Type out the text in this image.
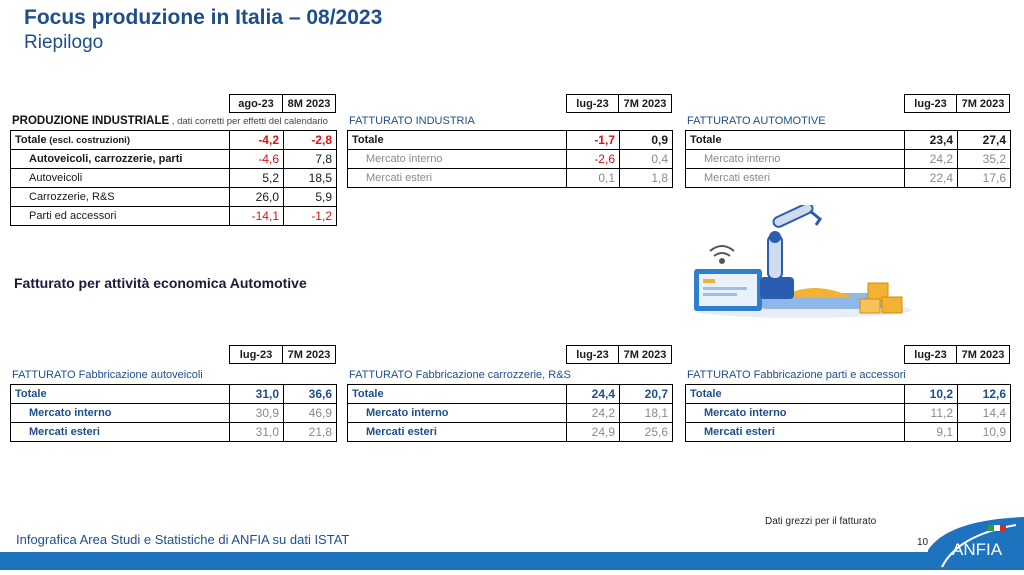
Focus produzione in Italia – 08/2023
Riepilogo
ago-23	8M 2023
PRODUZIONE INDUSTRIALE , dati corretti per effetti del calendario
Totale (escl. costruzioni)	-4,2	-2,8
Autoveicoli, carrozzerie, parti	-4,6	7,8
Autoveicoli	5,2	18,5
Carrozzerie, R&S	26,0	5,9
Parti ed accessori	-14,1	-1,2
lug-23	7M 2023
FATTURATO INDUSTRIA
Totale	-1,7	0,9
Mercato interno	-2,6	0,4
Mercati esteri	0,1	1,8
lug-23	7M 2023
FATTURATO AUTOMOTIVE
Totale	23,4	27,4
Mercato interno	24,2	35,2
Mercati esteri	22,4	17,6
Fatturato per attività economica Automotive
lug-23	7M 2023
FATTURATO Fabbricazione autoveicoli
Totale	31,0	36,6
Mercato interno	30,9	46,9
Mercati esteri	31,0	21,8
lug-23	7M 2023
FATTURATO Fabbricazione carrozzerie, R&S
Totale	24,4	20,7
Mercato interno	24,2	18,1
Mercati esteri	24,9	25,6
lug-23	7M 2023
FATTURATO Fabbricazione parti e accessori
Totale	10,2	12,6
Mercato interno	11,2	14,4
Mercati esteri	9,1	10,9
Dati grezzi per il fatturato
Infografica Area Studi e Statistiche di ANFIA su dati ISTAT	10 ANFIA
